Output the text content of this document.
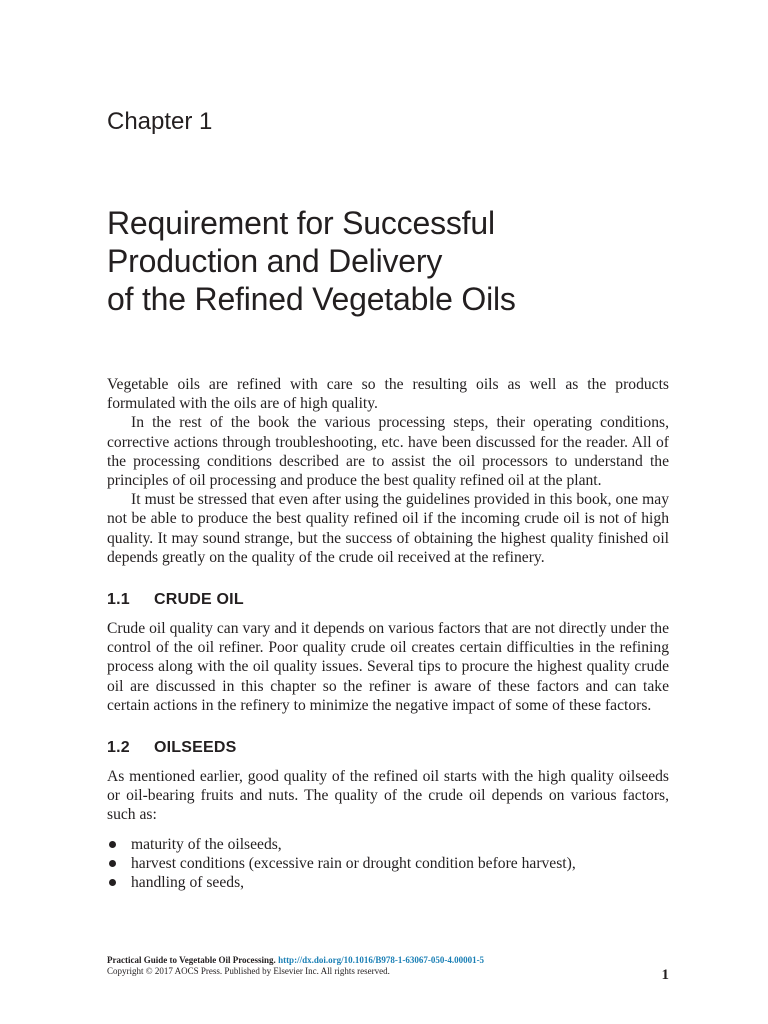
Chapter 1
Requirement for Successful
Production and Delivery
of the Refined Vegetable Oils

Vegetable oils are refined with care so the resulting oils as well as the products formulated with the oils are of high quality.

In the rest of the book the various processing steps, their operating conditions, corrective actions through troubleshooting, etc. have been discussed for the reader. All of the processing conditions described are to assist the oil processors to understand the principles of oil processing and produce the best quality refined oil at the plant.

It must be stressed that even after using the guidelines provided in this book, one may not be able to produce the best quality refined oil if the incoming crude oil is not of high quality. It may sound strange, but the success of obtaining the highest quality finished oil depends greatly on the quality of the crude oil received at the refinery.

1.1 CRUDE OIL

Crude oil quality can vary and it depends on various factors that are not directly under the control of the oil refiner. Poor quality crude oil creates certain difficulties in the refining process along with the oil quality issues. Several tips to procure the highest quality crude oil are discussed in this chapter so the refiner is aware of these factors and can take certain actions in the refinery to minimize the negative impact of some of these factors.

1.2 OILSEEDS

As mentioned earlier, good quality of the refined oil starts with the high quality oilseeds or oil-bearing fruits and nuts. The quality of the crude oil depends on various factors, such as:

maturity of the oilseeds,
harvest conditions (excessive rain or drought condition before harvest),
handling of seeds,
Practical Guide to Vegetable Oil Processing. http://dx.doi.org/10.1016/B978-1-63067-050-4.00001-5
Copyright © 2017 AOCS Press. Published by Elsevier Inc. All rights reserved.	1
